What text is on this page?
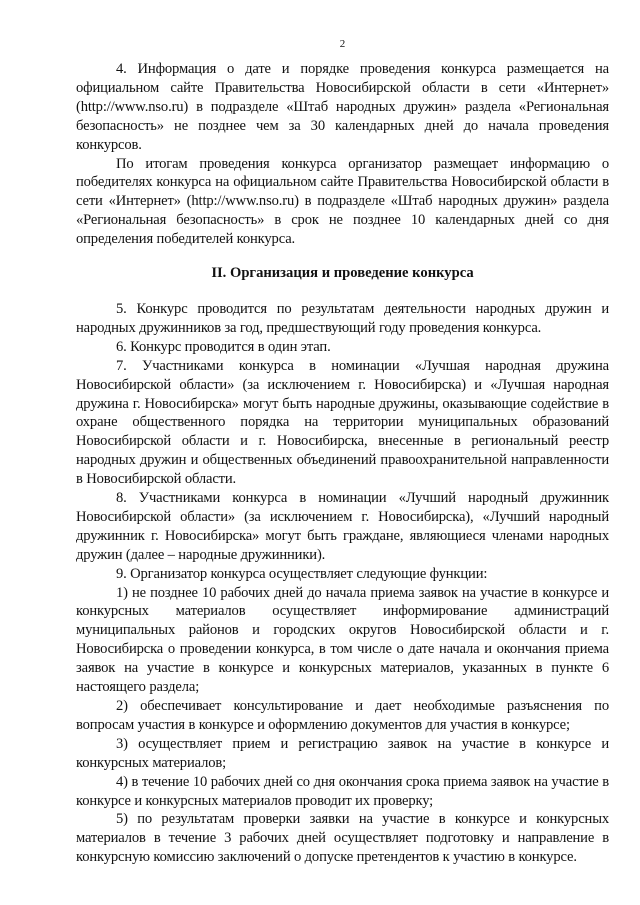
2

4. Информация о дате и порядке проведения конкурса размещается на официальном сайте Правительства Новосибирской области в сети «Интернет» (http://www.nso.ru) в подразделе «Штаб народных дружин» раздела «Региональная безопасность» не позднее чем за 30 календарных дней до начала проведения конкурсов.

По итогам проведения конкурса организатор размещает информацию о победителях конкурса на официальном сайте Правительства Новосибирской области в сети «Интернет» (http://www.nso.ru) в подразделе «Штаб народных дружин» раздела «Региональная безопасность» в срок не позднее 10 календарных дней со дня определения победителей конкурса.

II. Организация и проведение конкурса

5. Конкурс проводится по результатам деятельности народных дружин и народных дружинников за год, предшествующий году проведения конкурса.

6. Конкурс проводится в один этап.

7. Участниками конкурса в номинации «Лучшая народная дружина Новосибирской области» (за исключением г. Новосибирска) и «Лучшая народная дружина г. Новосибирска» могут быть народные дружины, оказывающие содействие в охране общественного порядка на территории муниципальных образований Новосибирской области и г. Новосибирска, внесенные в региональный реестр народных дружин и общественных объединений правоохранительной направленности в Новосибирской области.

8. Участниками конкурса в номинации «Лучший народный дружинник Новосибирской области» (за исключением г. Новосибирска), «Лучший народный дружинник г. Новосибирска» могут быть граждане, являющиеся членами народных дружин (далее – народные дружинники).

9. Организатор конкурса осуществляет следующие функции:

1) не позднее 10 рабочих дней до начала приема заявок на участие в конкурсе и конкурсных материалов осуществляет информирование администраций муниципальных районов и городских округов Новосибирской области и г. Новосибирска о проведении конкурса, в том числе о дате начала и окончания приема заявок на участие в конкурсе и конкурсных материалов, указанных в пункте 6 настоящего раздела;

2) обеспечивает консультирование и дает необходимые разъяснения по вопросам участия в конкурсе и оформлению документов для участия в конкурсе;

3) осуществляет прием и регистрацию заявок на участие в конкурсе и конкурсных материалов;

4) в течение 10 рабочих дней со дня окончания срока приема заявок на участие в конкурсе и конкурсных материалов проводит их проверку;

5) по результатам проверки заявки на участие в конкурсе и конкурсных материалов в течение 3 рабочих дней осуществляет подготовку и направление в конкурсную комиссию заключений о допуске претендентов к участию в конкурсе.
